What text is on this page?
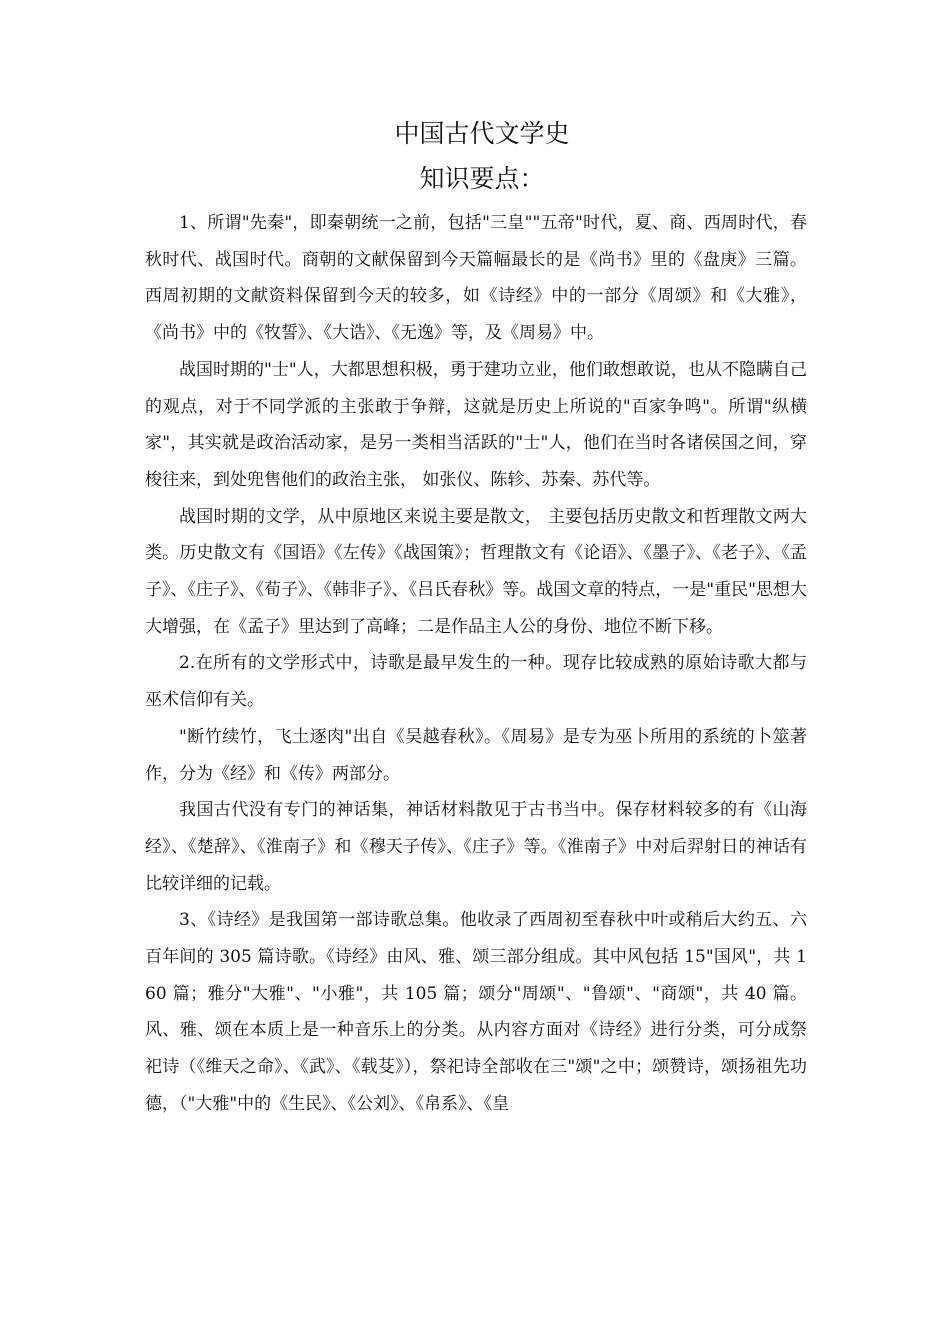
中国古代文学史
知识要点：

1、所谓"先秦"，即秦朝统一之前，包括"三皇""五帝"时代，夏、商、西周时代，春秋时代、战国时代。商朝的文献保留到今天篇幅最长的是《尚书》里的《盘庚》三篇。西周初期的文献资料保留到今天的较多，如《诗经》中的一部分《周颂》和《大雅》，《尚书》中的《牧誓》、《大诰》、《无逸》等，及《周易》中。

战国时期的"士"人，大都思想积极，勇于建功立业，他们敢想敢说，也从不隐瞒自己的观点，对于不同学派的主张敢于争辩，这就是历史上所说的"百家争鸣"。所谓"纵横家"，其实就是政治活动家，是另一类相当活跃的"士"人，他们在当时各诸侯国之间，穿梭往来，到处兜售他们的政治主张， 如张仪、陈轸、苏秦、苏代等。

战国时期的文学，从中原地区来说主要是散文， 主要包括历史散文和哲理散文两大类。历史散文有《国语》《左传》《战国策》；哲理散文有《论语》、《墨子》、《老子》、《孟子》、《庄子》、《荀子》、《韩非子》、《吕氏春秋》等。战国文章的特点，一是"重民"思想大大增强，在《孟子》里达到了高峰；二是作品主人公的身份、地位不断下移。

2.在所有的文学形式中，诗歌是最早发生的一种。现存比较成熟的原始诗歌大都与巫术信仰有关。

"断竹续竹，飞土逐肉"出自《吴越春秋》。《周易》是专为巫卜所用的系统的卜筮著作，分为《经》和《传》两部分。

我国古代没有专门的神话集，神话材料散见于古书当中。保存材料较多的有《山海经》、《楚辞》、《淮南子》和《穆天子传》、《庄子》等。《淮南子》中对后羿射日的神话有比较详细的记载。

3、《诗经》是我国第一部诗歌总集。他收录了西周初至春秋中叶或稍后大约五、六百年间的 305 篇诗歌。《诗经》由风、雅、颂三部分组成。其中风包括 15"国风"，共 160 篇；雅分"大雅"、"小雅"，共 105 篇；颂分"周颂"、"鲁颂"、"商颂"，共 40 篇。风、雅、颂在本质上是一种音乐上的分类。从内容方面对《诗经》进行分类，可分成祭祀诗（《维天之命》、《武》、《载芟》），祭祀诗全部收在三"颂"之中；颂赞诗，颂扬祖先功德，（"大雅"中的《生民》、《公刘》、《帛系》、《皇
